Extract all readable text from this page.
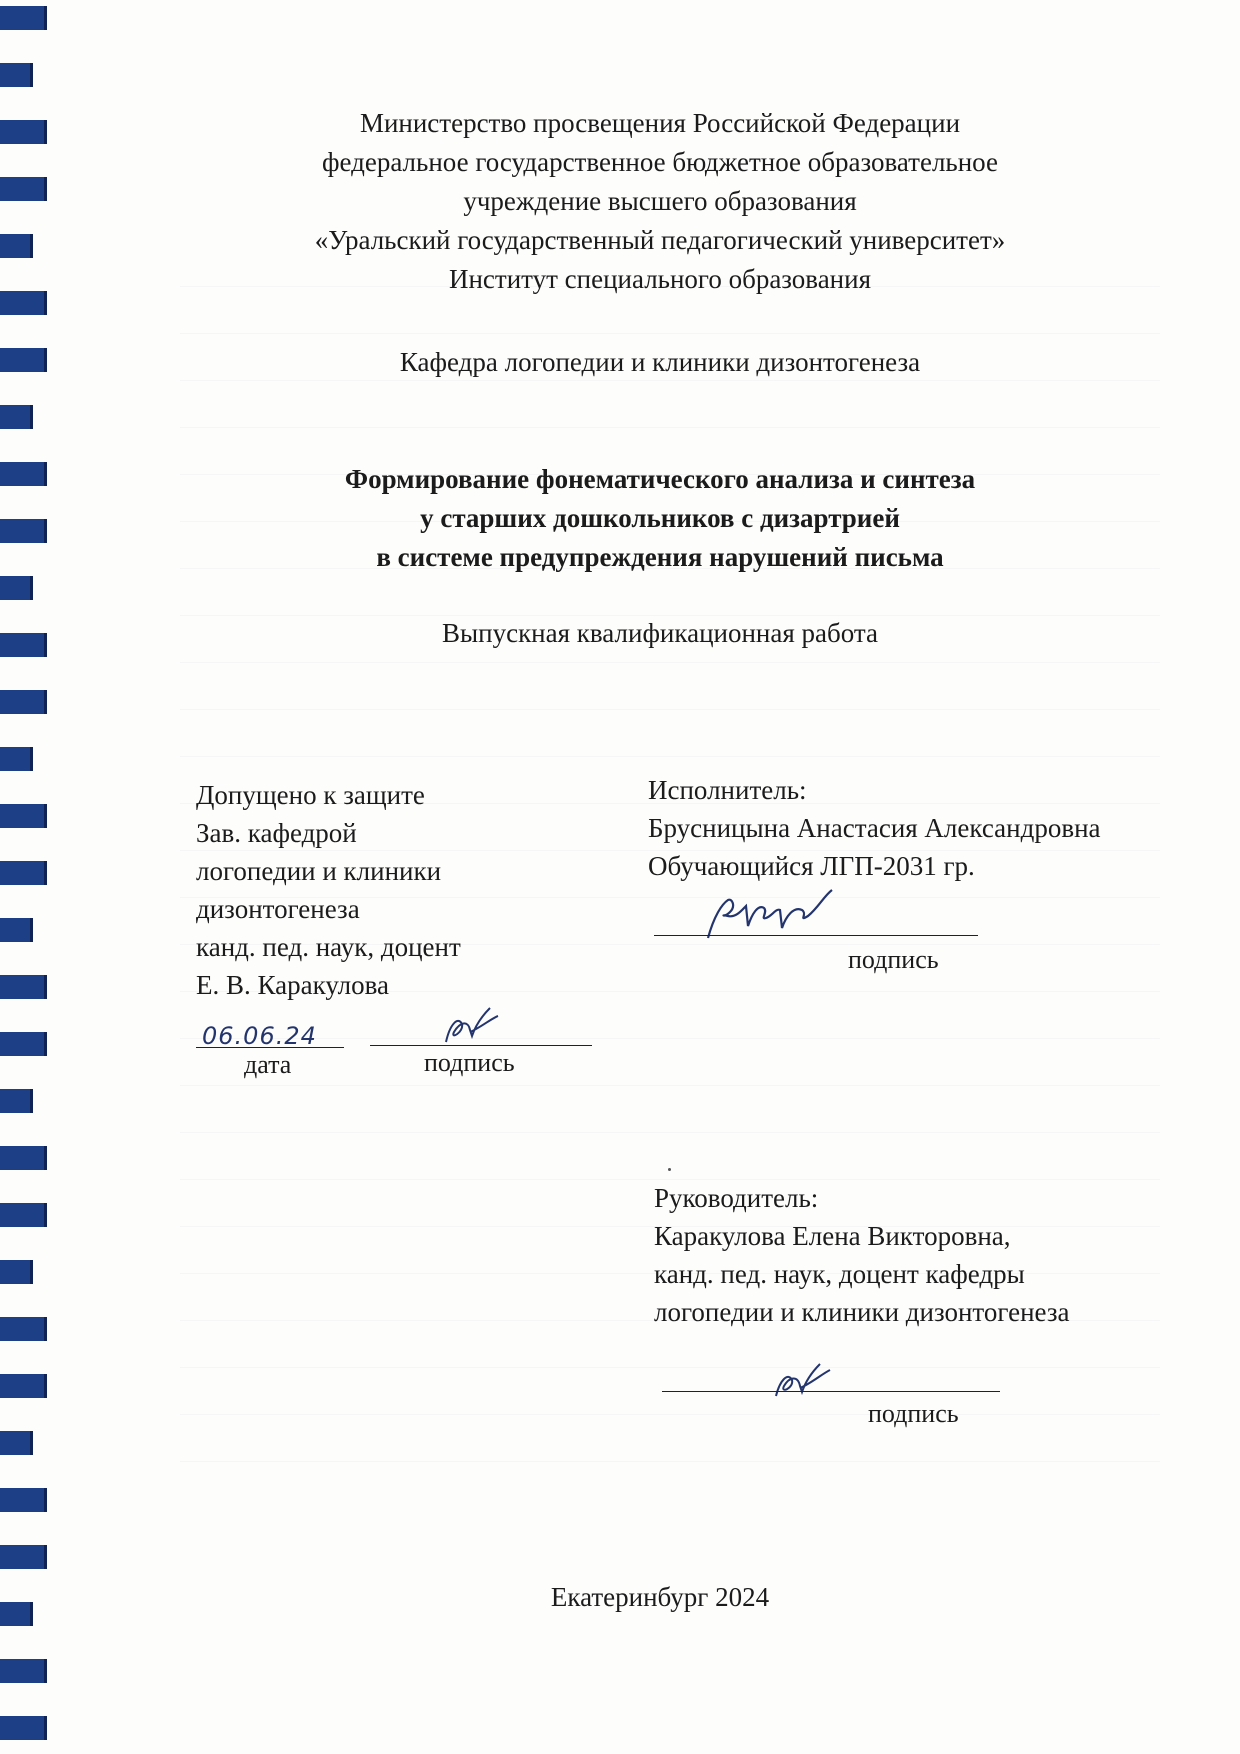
Министерство просвещения Российской Федерации
федеральное государственное бюджетное образовательное
учреждение высшего образования
«Уральский государственный педагогический университет»
Институт специального образования
Кафедра логопедии и клиники дизонтогенеза
Формирование фонематического анализа и синтеза
у старших дошкольников с дизартрией
в системе предупреждения нарушений письма
Выпускная квалификационная работа
Допущено к защите
Зав. кафедрой
логопедии и клиники
дизонтогенеза
канд. пед. наук, доцент
Е. В. Каракулова
06.06.24
дата	подпись
Исполнитель:
Брусницына Анастасия Александровна
Обучающийся ЛГП-2031 гр.
подпись
Руководитель:
Каракулова Елена Викторовна,
канд. пед. наук, доцент кафедры
логопедии и клиники дизонтогенеза
подпись
Екатеринбург 2024
